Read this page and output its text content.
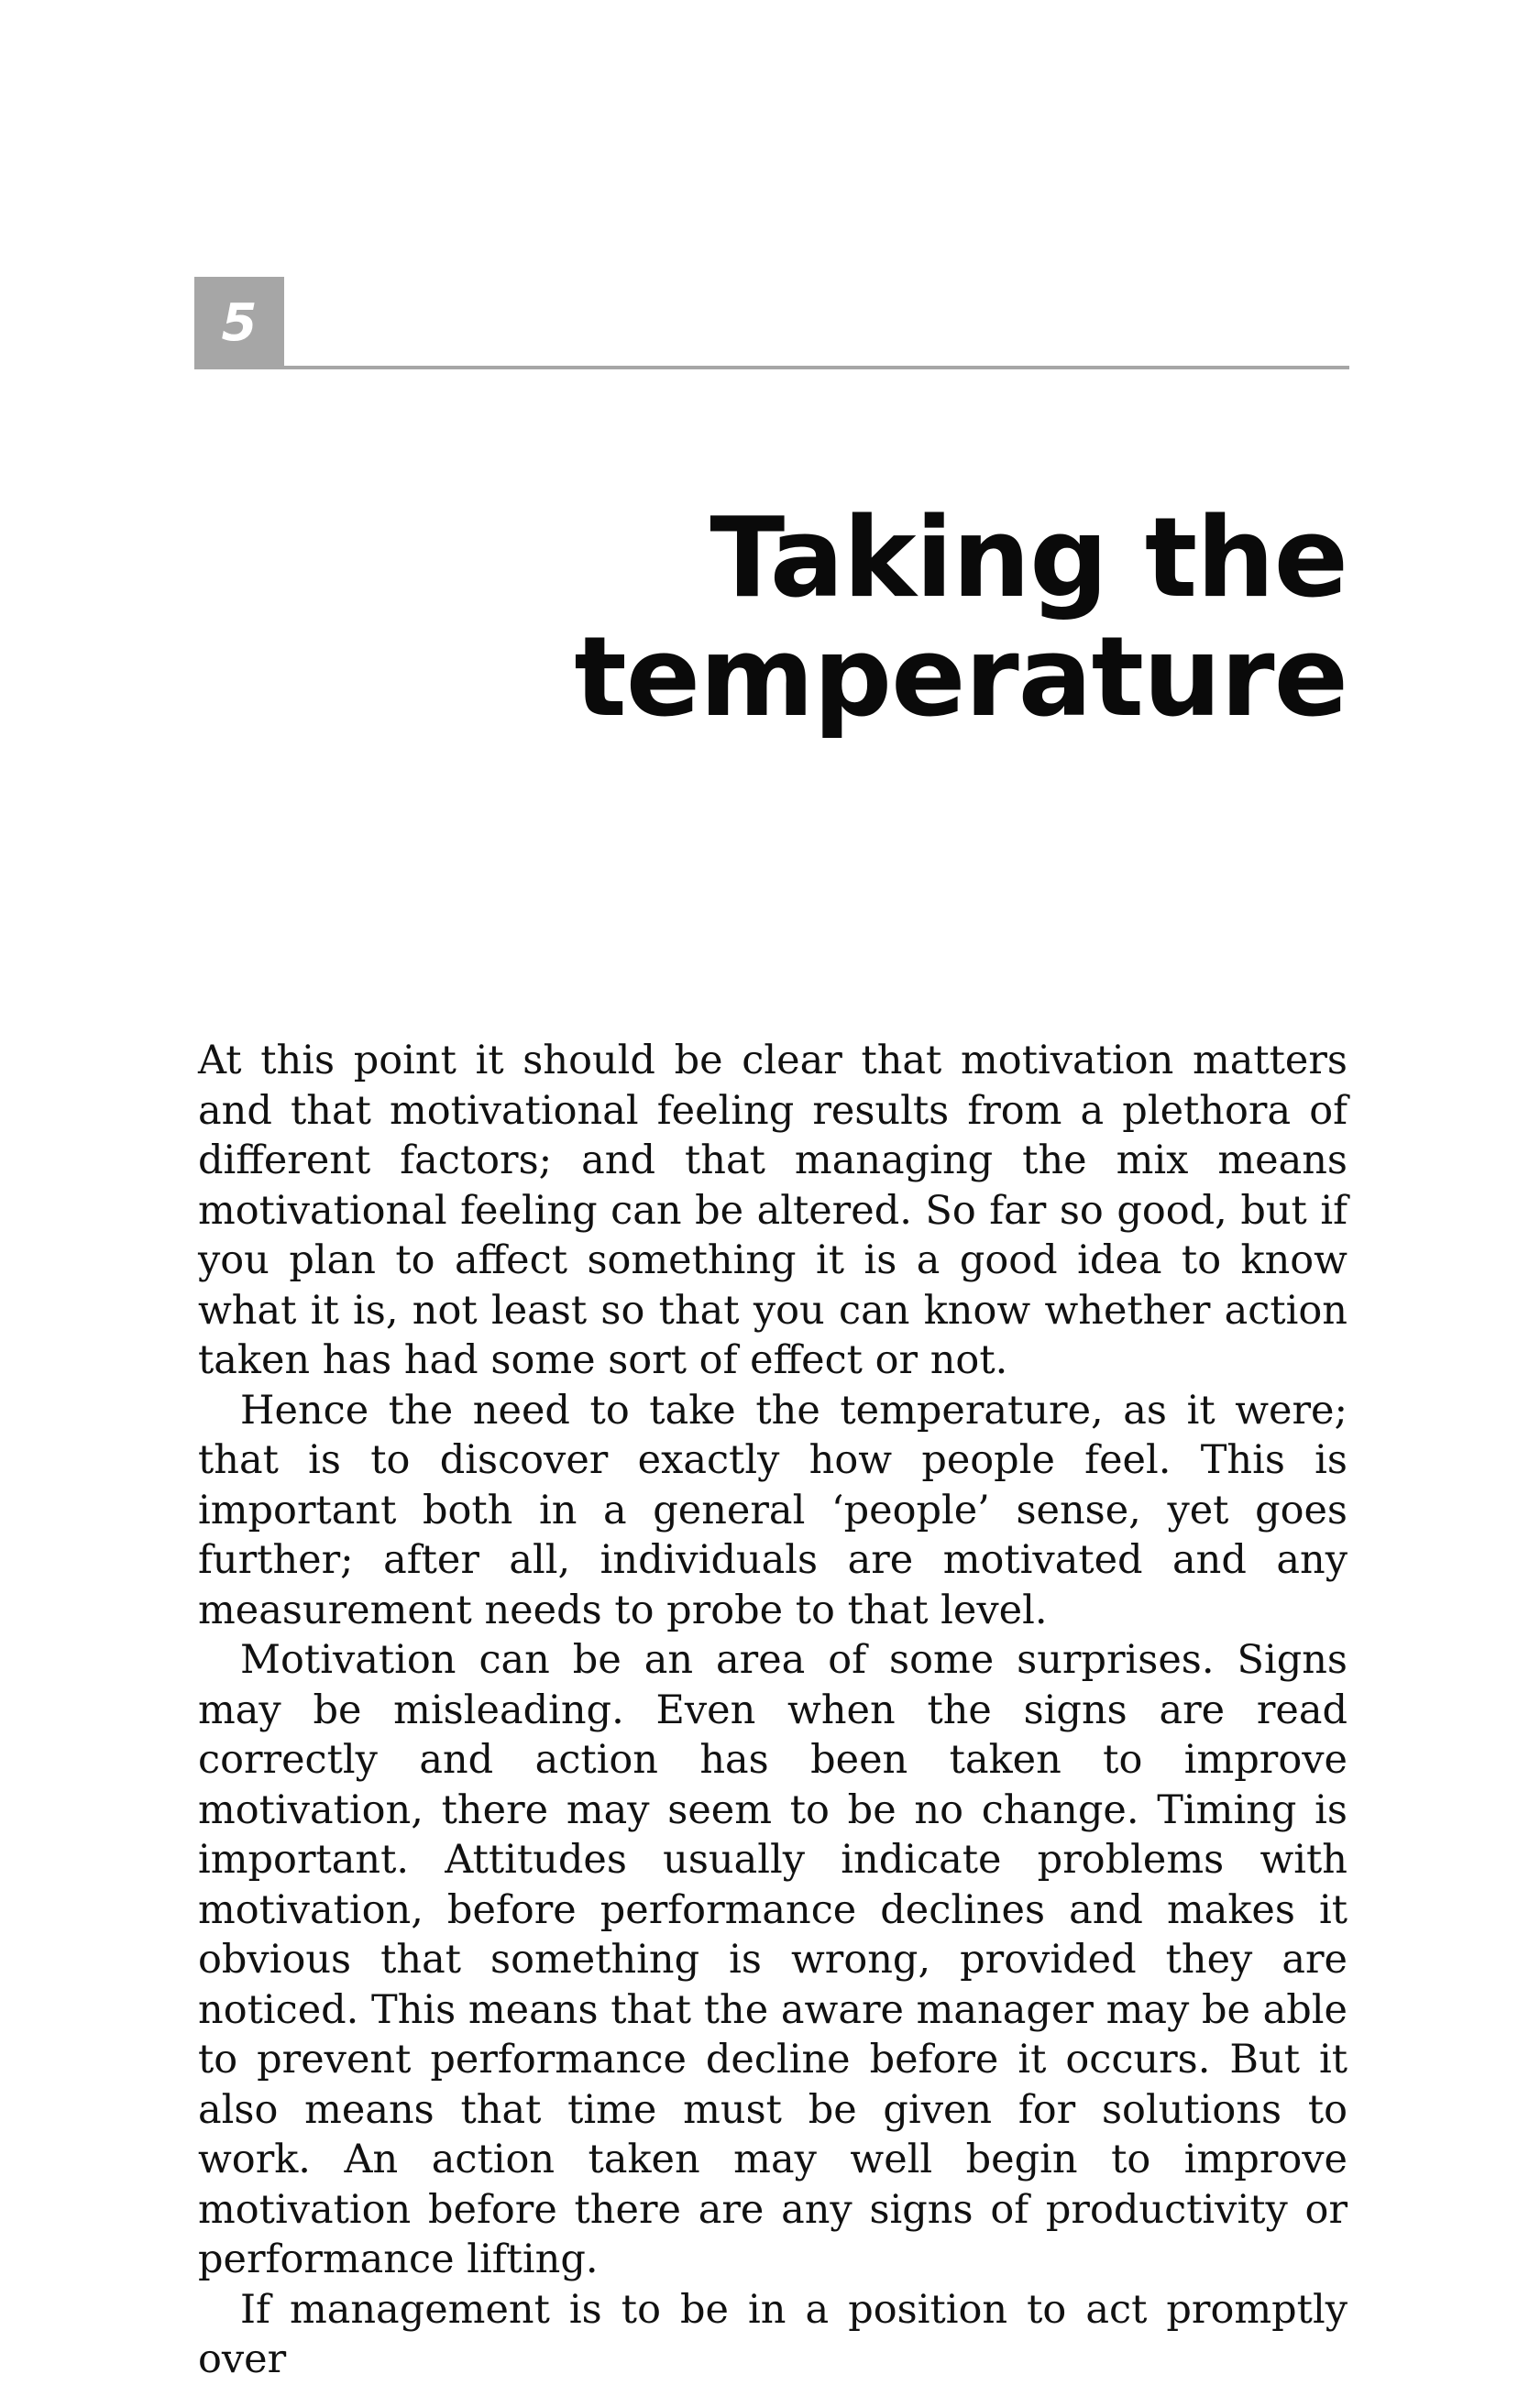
5
Taking the
temperature

At this point it should be clear that motivation matters and that motivational feeling results from a plethora of different factors; and that managing the mix means motivational feeling can be altered. So far so good, but if you plan to affect something it is a good idea to know what it is, not least so that you can know whether action taken has had some sort of effect or not.

Hence the need to take the temperature, as it were; that is to discover exactly how people feel. This is important both in a general ‘people’ sense, yet goes further; after all, individuals are motivated and any measurement needs to probe to that level.

Motivation can be an area of some surprises. Signs may be misleading. Even when the signs are read correctly and action has been taken to improve motivation, there may seem to be no change. Timing is important. Attitudes usually indicate problems with motivation, before performance declines and makes it obvious that something is wrong, provided they are noticed. This means that the aware manager may be able to prevent performance decline before it occurs. But it also means that time must be given for solutions to work. An action taken may well begin to improve motivation before there are any signs of productivity or performance lifting.

If management is to be in a position to act promptly over
